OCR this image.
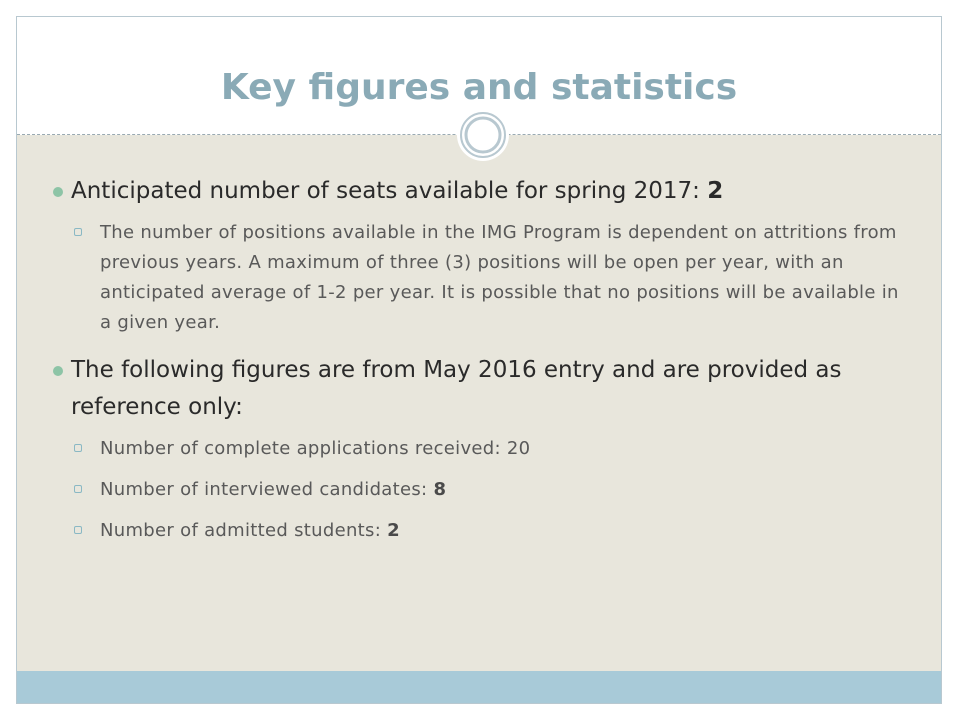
Key figures and statistics
Anticipated number of seats available for spring 2017: 2
The number of positions available in the IMG Program is dependent on attritions from previous years. A maximum of three (3) positions will be open per year, with an anticipated average of 1-2 per year. It is possible that no positions will be available in a given year.
The following figures are from May 2016 entry and are provided as reference only:
Number of complete applications received: 20
Number of interviewed candidates: 8
Number of admitted students: 2
